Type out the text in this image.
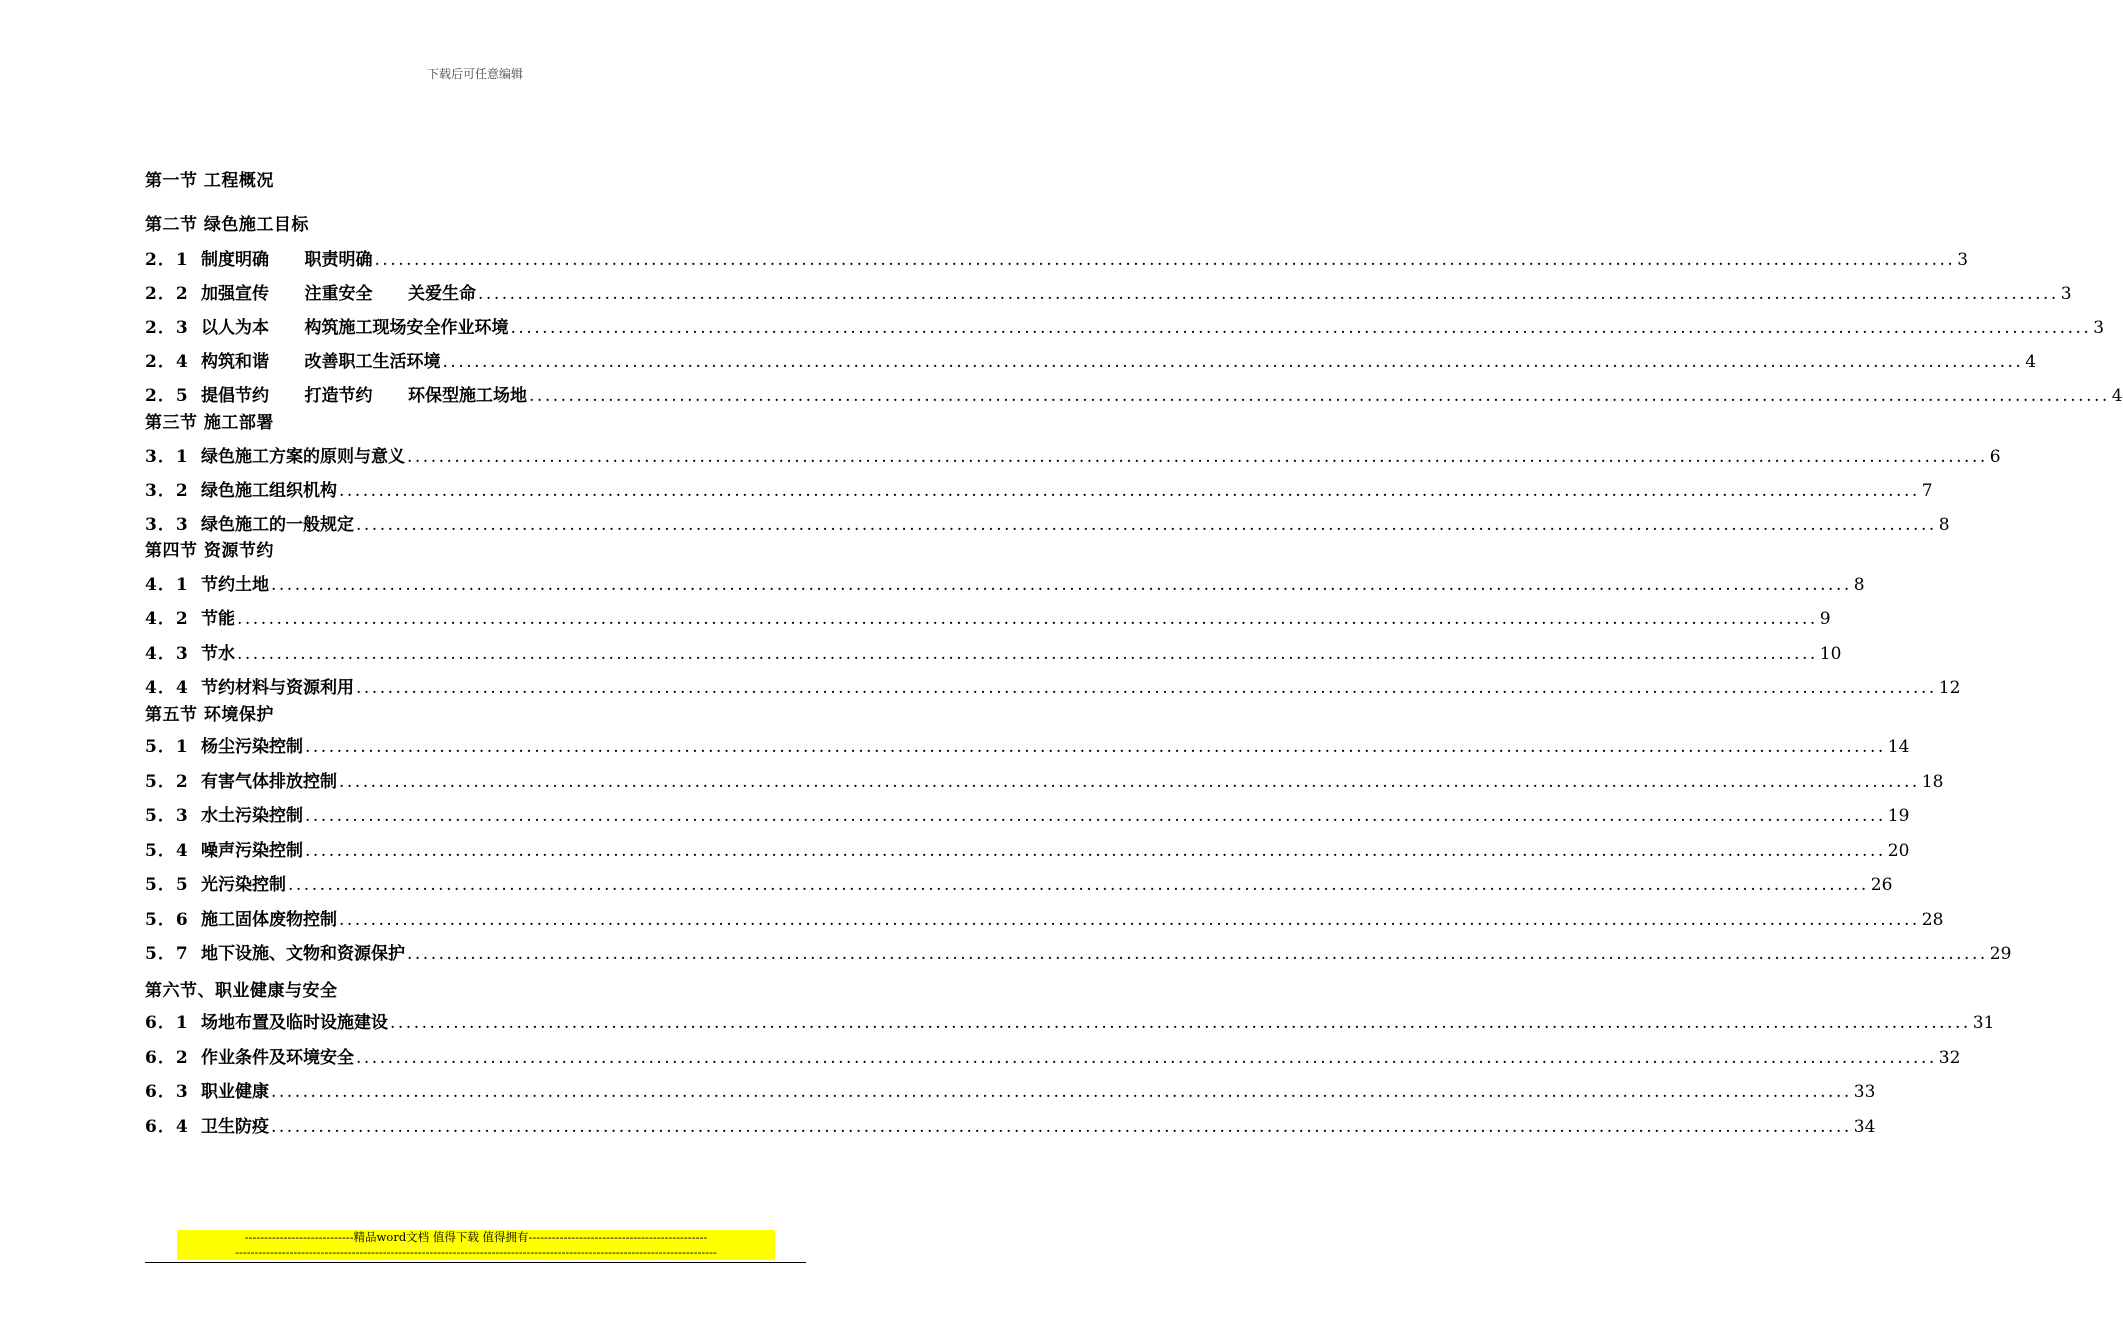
下载后可任意编辑
第一节 工程概况
第二节 绿色施工目标
2．1 制度明确      职责明确 ........................................................................................................................................................................................................ 3
2．2 加强宣传      注重安全      关爱生命 ........................................................................................................................................................................................................ 3
2．3 以人为本      构筑施工现场安全作业环境 ........................................................................................................................................................................................................ 3
2．4 构筑和谐      改善职工生活环境 ........................................................................................................................................................................................................ 4
2．5 提倡节约      打造节约      环保型施工场地 ........................................................................................................................................................................................................ 4
第三节 施工部署
3．1 绿色施工方案的原则与意义 ........................................................................................................................................................................................................ 6
3．2 绿色施工组织机构 ........................................................................................................................................................................................................ 7
3．3 绿色施工的一般规定 ........................................................................................................................................................................................................ 8
第四节 资源节约
4．1 节约土地 ........................................................................................................................................................................................................ 8
4．2 节能 ........................................................................................................................................................................................................ 9
4．3 节水 ........................................................................................................................................................................................................ 10
4．4 节约材料与资源利用 ........................................................................................................................................................................................................ 12
第五节 环境保护
5．1 杨尘污染控制 ........................................................................................................................................................................................................ 14
5．2 有害气体排放控制 ........................................................................................................................................................................................................ 18
5．3 水土污染控制 ........................................................................................................................................................................................................ 19
5．4 噪声污染控制 ........................................................................................................................................................................................................ 20
5．5 光污染控制 ........................................................................................................................................................................................................ 26
5．6 施工固体废物控制 ........................................................................................................................................................................................................ 28
5．7 地下设施、文物和资源保护 ........................................................................................................................................................................................................ 29
第六节、职业健康与安全
6．1 场地布置及临时设施建设 ........................................................................................................................................................................................................ 31
6．2 作业条件及环境安全 ........................................................................................................................................................................................................ 32
6．3 职业健康 ........................................................................................................................................................................................................ 33
6．4 卫生防疫 ........................................................................................................................................................................................................ 34
----------------------------精品word文档 值得下载 值得拥有----------------------------------------------
----------------------------------------------------------------------------------------------------------------------------
